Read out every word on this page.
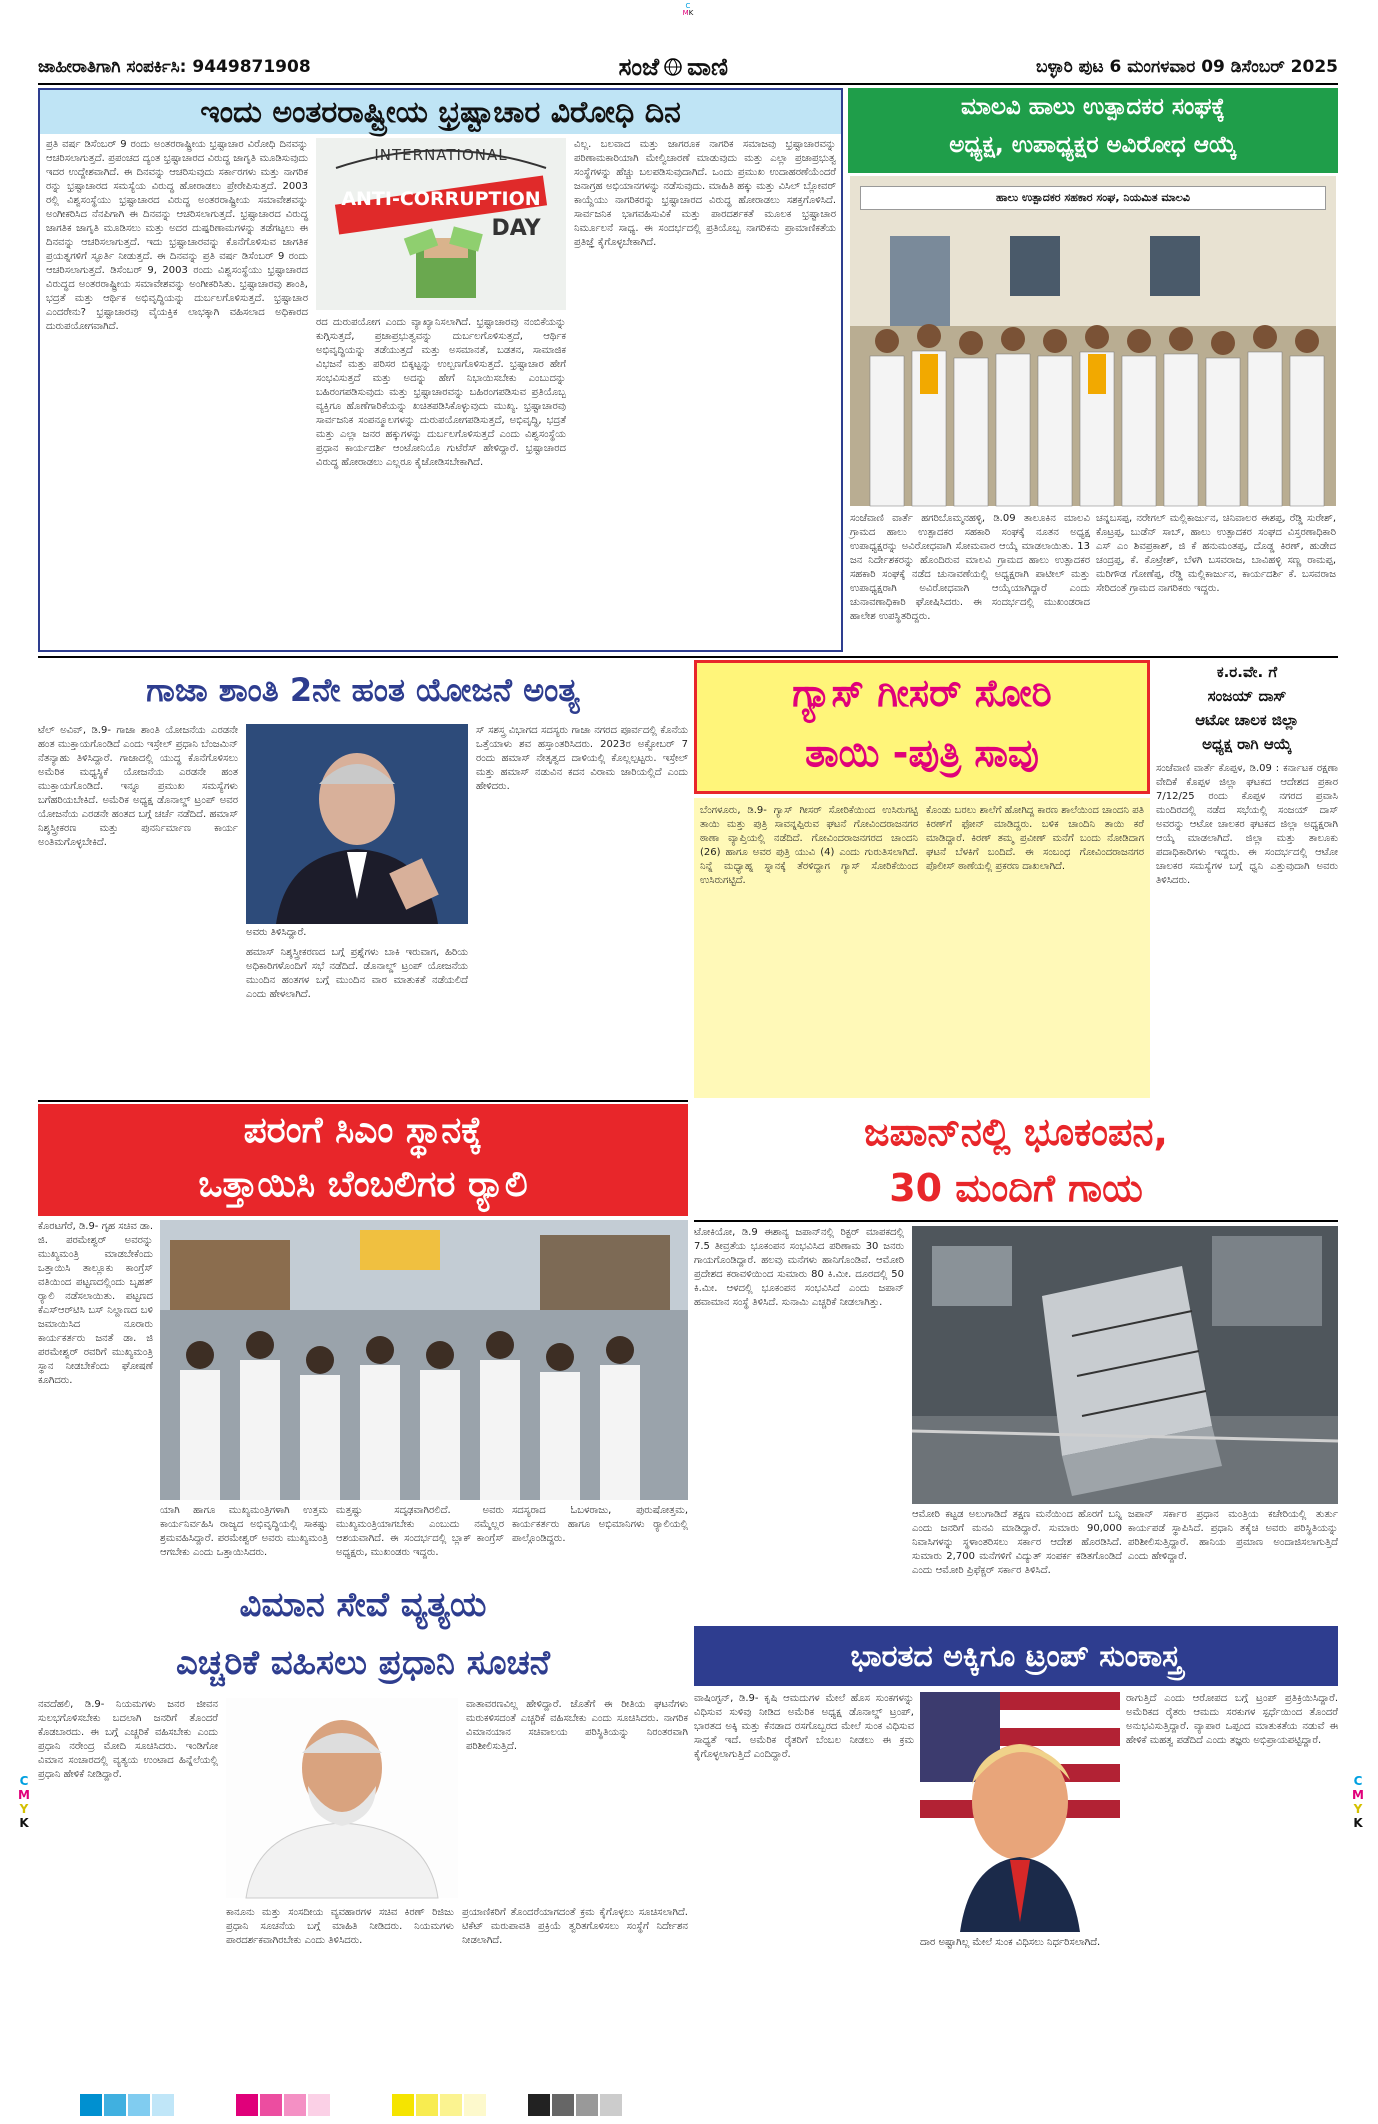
C
MK
ಜಾಹೀರಾತಿಗಾಗಿ ಸಂಪರ್ಕಿಸಿ: 9449871908	ಸಂಜೆ ವಾಣಿ	ಬಳ್ಳಾರಿ ಪುಟ 6 ಮಂಗಳವಾರ 09 ಡಿಸೆಂಬರ್ 2025
ಇಂದು ಅಂತರರಾಷ್ಟ್ರೀಯ ಭ್ರಷ್ಟಾಚಾರ ವಿರೋಧಿ ದಿನ
ಪ್ರತಿ ವರ್ಷ ಡಿಸೆಂಬರ್ 9 ರಂದು ಅಂತರರಾಷ್ಟ್ರೀಯ ಭ್ರಷ್ಟಾಚಾರ ವಿರೋಧಿ ದಿನವನ್ನು ಆಚರಿಸಲಾಗುತ್ತದೆ. ಪ್ರಪಂಚದ ದ್ಯಂತ ಭ್ರಷ್ಟಾಚಾರದ ವಿರುದ್ಧ ಜಾಗೃತಿ ಮೂಡಿಸುವುದು ಇದರ ಉದ್ದೇಶವಾಗಿದೆ. ಈ ದಿನವನ್ನು ಆಚರಿಸುವುದು ಸರ್ಕಾರಗಳು ಮತ್ತು ನಾಗರಿಕ ರನ್ನು ಭ್ರಷ್ಟಾಚಾರದ ಸಮಸ್ಯೆಯ ವಿರುದ್ಧ ಹೋರಾಡಲು ಪ್ರೇರೇಪಿಸುತ್ತದೆ. 2003 ರಲ್ಲಿ ವಿಶ್ವಸಂಸ್ಥೆಯು ಭ್ರಷ್ಟಾಚಾರದ ವಿರುದ್ಧ ಅಂತರರಾಷ್ಟ್ರೀಯ ಸಮಾವೇಶವನ್ನು ಅಂಗೀಕರಿಸಿದ ನೆನಪಿಗಾಗಿ ಈ ದಿನವನ್ನು ಆಚರಿಸಲಾಗುತ್ತದೆ. ಭ್ರಷ್ಟಾಚಾರದ ವಿರುದ್ಧ ಜಾಗತಿಕ ಜಾಗೃತಿ ಮೂಡಿಸಲು ಮತ್ತು ಅದರ ದುಷ್ಪರಿಣಾಮಗಳನ್ನು ತಡೆಗಟ್ಟಲು ಈ ದಿನವನ್ನು ಆಚರಿಸಲಾಗುತ್ತದೆ. ಇದು ಭ್ರಷ್ಟಾಚಾರವನ್ನು ಕೊನೆಗೊಳಿಸುವ ಜಾಗತಿಕ ಪ್ರಯತ್ನಗಳಿಗೆ ಸ್ಫೂರ್ತಿ ನೀಡುತ್ತದೆ. ಈ ದಿನವನ್ನು ಪ್ರತಿ ವರ್ಷ ಡಿಸೆಂಬರ್ 9 ರಂದು ಆಚರಿಸಲಾಗುತ್ತದೆ. ಡಿಸೆಂಬರ್ 9, 2003 ರಂದು ವಿಶ್ವಸಂಸ್ಥೆಯು ಭ್ರಷ್ಟಾಚಾರದ ವಿರುದ್ಧದ ಅಂತರರಾಷ್ಟ್ರೀಯ ಸಮಾವೇಶವನ್ನು ಅಂಗೀಕರಿಸಿತು. ಭ್ರಷ್ಟಾಚಾರವು ಶಾಂತಿ, ಭದ್ರತೆ ಮತ್ತು ಆರ್ಥಿಕ ಅಭಿವೃದ್ಧಿಯನ್ನು ದುರ್ಬಲಗೊಳಿಸುತ್ತದೆ. ಭ್ರಷ್ಟಾಚಾರ ಎಂದರೇನು? ಭ್ರಷ್ಟಾಚಾರವು ವೈಯಕ್ತಿಕ ಲಾಭಕ್ಕಾಗಿ ವಹಿಸಲಾದ ಅಧಿಕಾರದ ದುರುಪಯೋಗವಾಗಿದೆ.
INTERNATIONAL
ANTI-CORRUPTION
DAY
ರದ ದುರುಪಯೋಗ ಎಂದು ವ್ಯಾಖ್ಯಾನಿಸಲಾಗಿದೆ. ಭ್ರಷ್ಟಾಚಾರವು ನಂಬಿಕೆಯನ್ನು ಕುಗ್ಗಿಸುತ್ತದೆ, ಪ್ರಜಾಪ್ರಭುತ್ವವನ್ನು ದುರ್ಬಲಗೊಳಿಸುತ್ತದೆ, ಆರ್ಥಿಕ ಅಭಿವೃದ್ಧಿಯನ್ನು ತಡೆಯುತ್ತದೆ ಮತ್ತು ಅಸಮಾನತೆ, ಬಡತನ, ಸಾಮಾಜಿಕ ವಿಭಜನೆ ಮತ್ತು ಪರಿಸರ ಬಿಕ್ಕಟ್ಟನ್ನು ಉಲ್ಬಣಗೊಳಿಸುತ್ತದೆ. ಭ್ರಷ್ಟಾಚಾರ ಹೇಗೆ ಸಂಭವಿಸುತ್ತದೆ ಮತ್ತು ಅದನ್ನು ಹೇಗೆ ನಿಭಾಯಿಸಬೇಕು ಎಂಬುದನ್ನು ಬಹಿರಂಗಪಡಿಸುವುದು ಮತ್ತು ಭ್ರಷ್ಟಾಚಾರವನ್ನು ಬಹಿರಂಗಪಡಿಸುವ ಪ್ರತಿಯೊಬ್ಬ ವ್ಯಕ್ತಿಗೂ ಹೊಣೆಗಾರಿಕೆಯನ್ನು ಖಚಿತಪಡಿಸಿಕೊಳ್ಳುವುದು ಮುಖ್ಯ. ಭ್ರಷ್ಟಾಚಾರವು ಸಾರ್ವಜನಿಕ ಸಂಪನ್ಮೂಲಗಳನ್ನು ದುರುಪಯೋಗಪಡಿಸುತ್ತದೆ, ಅಭಿವೃದ್ಧಿ, ಭದ್ರತೆ ಮತ್ತು ಎಲ್ಲಾ ಜನರ ಹಕ್ಕುಗಳನ್ನು ದುರ್ಬಲಗೊಳಿಸುತ್ತದೆ ಎಂದು ವಿಶ್ವಸಂಸ್ಥೆಯ ಪ್ರಧಾನ ಕಾರ್ಯದರ್ಶಿ ಆಂಟೋನಿಯೊ ಗುಟೆರೆಸ್ ಹೇಳಿದ್ದಾರೆ. ಭ್ರಷ್ಟಾಚಾರದ ವಿರುದ್ಧ ಹೋರಾಡಲು ಎಲ್ಲರೂ ಕೈಜೋಡಿಸಬೇಕಾಗಿದೆ.
ವಿಲ್ಲ. ಬಲವಾದ ಮತ್ತು ಜಾಗರೂಕ ನಾಗರಿಕ ಸಮಾಜವು ಭ್ರಷ್ಟಾಚಾರವನ್ನು ಪರಿಣಾಮಕಾರಿಯಾಗಿ ಮೇಲ್ವಿಚಾರಣೆ ಮಾಡುವುದು ಮತ್ತು ಎಲ್ಲಾ ಪ್ರಜಾಪ್ರಭುತ್ವ ಸಂಸ್ಥೆಗಳನ್ನು ಹೆಚ್ಚು ಬಲಪಡಿಸುವುದಾಗಿದೆ. ಒಂದು ಪ್ರಮುಖ ಉದಾಹರಣೆಯೆಂದರೆ ಜನಾಗ್ರಹ ಅಭಿಯಾನಗಳನ್ನು ನಡೆಸುವುದು. ಮಾಹಿತಿ ಹಕ್ಕು ಮತ್ತು ವಿಸಿಲ್ ಬ್ಲೋವರ್ ಕಾಯ್ದೆಯು ನಾಗರಿಕರನ್ನು ಭ್ರಷ್ಟಾಚಾರದ ವಿರುದ್ಧ ಹೋರಾಡಲು ಸಶಕ್ತಗೊಳಿಸಿದೆ. ಸಾರ್ವಜನಿಕ ಭಾಗವಹಿಸುವಿಕೆ ಮತ್ತು ಪಾರದರ್ಶಕತೆ ಮೂಲಕ ಭ್ರಷ್ಟಾಚಾರ ನಿರ್ಮೂಲನೆ ಸಾಧ್ಯ. ಈ ಸಂದರ್ಭದಲ್ಲಿ ಪ್ರತಿಯೊಬ್ಬ ನಾಗರಿಕನು ಪ್ರಾಮಾಣಿಕತೆಯ ಪ್ರತಿಜ್ಞೆ ಕೈಗೊಳ್ಳಬೇಕಾಗಿದೆ.
ಮಾಲವಿ ಹಾಲು ಉತ್ಪಾದಕರ ಸಂಘಕ್ಕೆ
ಅಧ್ಯಕ್ಷ, ಉಪಾಧ್ಯಕ್ಷರ ಅವಿರೋಧ ಆಯ್ಕೆ
ಹಾಲು ಉತ್ಪಾದಕರ ಸಹಕಾರ ಸಂಘ, ನಿಯಮಿತ ಮಾಲವಿ
ಸಂಜೆವಾಣಿ ವಾರ್ತೆ ಹಗರಿಬೊಮ್ಮನಹಳ್ಳಿ, ಡಿ.09 ತಾಲೂಕಿನ ಮಾಲವಿ ಗ್ರಾಮದ ಹಾಲು ಉತ್ಪಾದಕರ ಸಹಕಾರಿ ಸಂಘಕ್ಕೆ ನೂತನ ಅಧ್ಯಕ್ಷ ಉಪಾಧ್ಯಕ್ಷರನ್ನು ಅವಿರೋಧವಾಗಿ ಸೋಮವಾರ ಆಯ್ಕೆ ಮಾಡಲಾಯಿತು. 13 ಜನ ನಿರ್ದೇಶಕರನ್ನು ಹೊಂದಿರುವ ಮಾಲವಿ ಗ್ರಾಮದ ಹಾಲು ಉತ್ಪಾದಕರ ಸಹಕಾರಿ ಸಂಘಕ್ಕೆ ನಡೆದ ಚುನಾವಣೆಯಲ್ಲಿ ಅಧ್ಯಕ್ಷರಾಗಿ ಪಾಟೀಲ್ ಮತ್ತು ಉಪಾಧ್ಯಕ್ಷರಾಗಿ ಅವಿರೋಧವಾಗಿ ಆಯ್ಕೆಯಾಗಿದ್ದಾರೆ ಎಂದು ಚುನಾವಣಾಧಿಕಾರಿ ಘೋಷಿಸಿದರು. ಈ ಸಂದರ್ಭದಲ್ಲಿ ಮುಖಂಡರಾದ ಹಾಲೇಶ ಉಪಸ್ಥಿತರಿದ್ದರು.
ಚನ್ನಬಸಪ್ಪ, ನರೇಗಲ್ ಮಲ್ಲಿಕಾರ್ಜುನ, ಚಿನಿವಾಲರ ಈಶಪ್ಪ, ರೆಡ್ಡಿ ಸುರೇಶ್, ಕೊಟ್ರಪ್ಪ, ಬುಡೆನ್ ಸಾಬ್, ಹಾಲು ಉತ್ಪಾದಕರ ಸಂಘದ ವಿಸ್ತರಣಾಧಿಕಾರಿ ಎಸ್ ಎಂ ಶಿವಪ್ರಕಾಶ್, ಜಿ ಕೆ ಹನುಮಂತಪ್ಪ, ದೊಡ್ಡ ಕಿರಣ್, ಹುಡೇದ ಚಂದ್ರಪ್ಪ, ಕೆ. ಕೊಟ್ರೇಶ್, ಬೆಳಗಿ ಬಸವರಾಜ, ಬಾವಿಹಳ್ಳಿ ಸಣ್ಣ ರಾಮಪ್ಪ, ಮರಿಗೌಡ ಗೋಣೆಪ್ಪ, ರೆಡ್ಡಿ ಮಲ್ಲಿಕಾರ್ಜುನ, ಕಾರ್ಯದರ್ಶಿ ಕೆ. ಬಸವರಾಜ ಸೇರಿದಂತೆ ಗ್ರಾಮದ ನಾಗರಿಕರು ಇದ್ದರು.
ಗಾಜಾ ಶಾಂತಿ 2ನೇ ಹಂತ ಯೋಜನೆ ಅಂತ್ಯ
ಟೆಲ್ ಅವಿವ್, ಡಿ.9- ಗಾಜಾ ಶಾಂತಿ ಯೋಜನೆಯ ಎರಡನೇ ಹಂತ ಮುಕ್ತಾಯಗೊಂಡಿದೆ ಎಂದು ಇಸ್ರೇಲ್ ಪ್ರಧಾನಿ ಬೆಂಜಮಿನ್ ನೆತನ್ಯಾಹು ತಿಳಿಸಿದ್ದಾರೆ. ಗಾಜಾದಲ್ಲಿ ಯುದ್ಧ ಕೊನೆಗೊಳಿಸಲು ಅಮೆರಿಕ ಮಧ್ಯಸ್ಥಿಕೆ ಯೋಜನೆಯ ಎರಡನೇ ಹಂತ ಮುಕ್ತಾಯಗೊಂಡಿದೆ. ಇನ್ನೂ ಪ್ರಮುಖ ಸಮಸ್ಯೆಗಳು ಬಗೆಹರಿಯಬೇಕಿದೆ. ಅಮೆರಿಕ ಅಧ್ಯಕ್ಷ ಡೊನಾಲ್ಡ್ ಟ್ರಂಪ್ ಅವರ ಯೋಜನೆಯ ಎರಡನೇ ಹಂತದ ಬಗ್ಗೆ ಚರ್ಚೆ ನಡೆದಿದೆ. ಹಮಾಸ್ ನಿಶ್ಶಸ್ತ್ರೀಕರಣ ಮತ್ತು ಪುನರ್ನಿರ್ಮಾಣ ಕಾರ್ಯ ಅಂತಿಮಗೊಳ್ಳಬೇಕಿದೆ.
ಅವರು ತಿಳಿಸಿದ್ದಾರೆ.
ಹಮಾಸ್ ನಿಶ್ಶಸ್ತ್ರೀಕರಣದ ಬಗ್ಗೆ ಪ್ರಶ್ನೆಗಳು ಬಾಕಿ ಇರುವಾಗ, ಹಿರಿಯ ಅಧಿಕಾರಿಗಳೊಂದಿಗೆ ಸಭೆ ನಡೆದಿದೆ. ಡೊನಾಲ್ಡ್ ಟ್ರಂಪ್ ಯೋಜನೆಯ ಮುಂದಿನ ಹಂತಗಳ ಬಗ್ಗೆ ಮುಂದಿನ ವಾರ ಮಾತುಕತೆ ನಡೆಯಲಿದೆ ಎಂದು ಹೇಳಲಾಗಿದೆ.
ಸ್ ಸಶಸ್ತ್ರ ವಿಭಾಗದ ಸದಸ್ಯರು ಗಾಜಾ ನಗರದ ಪೂರ್ವದಲ್ಲಿ ಕೊನೆಯ ಒತ್ತೆಯಾಳು ಶವ ಹಸ್ತಾಂತರಿಸಿದರು. 2023ರ ಅಕ್ಟೋಬರ್ 7 ರಂದು ಹಮಾಸ್ ನೇತೃತ್ವದ ದಾಳಿಯಲ್ಲಿ ಕೊಲ್ಲಲ್ಪಟ್ಟರು. ಇಸ್ರೇಲ್ ಮತ್ತು ಹಮಾಸ್ ನಡುವಿನ ಕದನ ವಿರಾಮ ಜಾರಿಯಲ್ಲಿದೆ ಎಂದು ಹೇಳಿದರು.
ಗ್ಯಾಸ್ ಗೀಸರ್ ಸೋರಿ
ತಾಯಿ -ಪುತ್ರಿ ಸಾವು
ಬೆಂಗಳೂರು, ಡಿ.9- ಗ್ಯಾಸ್ ಗೀಸರ್ ಸೋರಿಕೆಯಿಂದ ಉಸಿರುಗಟ್ಟಿ ತಾಯಿ ಮತ್ತು ಪುತ್ರಿ ಸಾವನ್ನಪ್ಪಿರುವ ಘಟನೆ ಗೋವಿಂದರಾಜನಗರ ಠಾಣಾ ವ್ಯಾಪ್ತಿಯಲ್ಲಿ ನಡೆದಿದೆ. ಗೋವಿಂದರಾಜನಗರದ ಚಾಂದನಿ (26) ಹಾಗೂ ಅವರ ಪುತ್ರಿ ಯುವಿ (4) ಎಂದು ಗುರುತಿಸಲಾಗಿದೆ. ನಿನ್ನೆ ಮಧ್ಯಾಹ್ನ ಸ್ನಾನಕ್ಕೆ ತೆರಳಿದ್ದಾಗ ಗ್ಯಾಸ್ ಸೋರಿಕೆಯಿಂದ ಉಸಿರುಗಟ್ಟಿದೆ.
ಕೊಂಡು ಬರಲು ಶಾಲೆಗೆ ಹೋಗಿದ್ದ ಕಾರಣ ಶಾಲೆಯಿಂದ ಚಾಂದನಿ ಪತಿ ಕಿರಣ್‌ಗೆ ಫೋನ್ ಮಾಡಿದ್ದರು. ಬಳಿಕ ಚಾಂದಿನಿ ತಾಯಿ ಕರೆ ಮಾಡಿದ್ದಾರೆ. ಕಿರಣ್ ತಮ್ಮ ಪ್ರವೀಣ್ ಮನೆಗೆ ಬಂದು ನೋಡಿದಾಗ ಘಟನೆ ಬೆಳಕಿಗೆ ಬಂದಿದೆ. ಈ ಸಂಬಂಧ ಗೋವಿಂದರಾಜನಗರ ಪೊಲೀಸ್ ಠಾಣೆಯಲ್ಲಿ ಪ್ರಕರಣ ದಾಖಲಾಗಿದೆ.
ಕ.ರ.ವೇ. ಗೆ
ಸಂಜಯ್ ದಾಸ್
ಆಟೋ ಚಾಲಕ ಜಿಲ್ಲಾ
ಅಧ್ಯಕ್ಷ ರಾಗಿ ಆಯ್ಕೆ
ಸಂಜೆವಾಣಿ ವಾರ್ತೆ ಕೊಪ್ಪಳ, ಡಿ.09 : ಕರ್ನಾಟಕ ರಕ್ಷಣಾ ವೇದಿಕೆ ಕೊಪ್ಪಳ ಜಿಲ್ಲಾ ಘಟಕದ ಆದೇಶದ ಪ್ರಕಾರ 7/12/25 ರಂದು ಕೊಪ್ಪಳ ನಗರದ ಪ್ರವಾಸಿ ಮಂದಿರದಲ್ಲಿ ನಡೆದ ಸಭೆಯಲ್ಲಿ ಸಂಜಯ್ ದಾಸ್ ಅವರನ್ನು ಆಟೋ ಚಾಲಕರ ಘಟಕದ ಜಿಲ್ಲಾ ಅಧ್ಯಕ್ಷರಾಗಿ ಆಯ್ಕೆ ಮಾಡಲಾಗಿದೆ. ಜಿಲ್ಲಾ ಮತ್ತು ತಾಲೂಕು ಪದಾಧಿಕಾರಿಗಳು ಇದ್ದರು. ಈ ಸಂದರ್ಭದಲ್ಲಿ ಆಟೋ ಚಾಲಕರ ಸಮಸ್ಯೆಗಳ ಬಗ್ಗೆ ಧ್ವನಿ ಎತ್ತುವುದಾಗಿ ಅವರು ತಿಳಿಸಿದರು.
ಪರಂಗೆ ಸಿಎಂ ಸ್ಥಾನಕ್ಕೆ
ಒತ್ತಾಯಿಸಿ ಬೆಂಬಲಿಗರ ರ‍್ಯಾಲಿ
ಕೊರಟಗೆರೆ, ಡಿ.9- ಗೃಹ ಸಚಿವ ಡಾ. ಜಿ. ಪರಮೇಶ್ವರ್ ಅವರನ್ನು ಮುಖ್ಯಮಂತ್ರಿ ಮಾಡಬೇಕೆಂದು ಒತ್ತಾಯಿಸಿ ತಾಲ್ಲೂಕು ಕಾಂಗ್ರೆಸ್ ವತಿಯಿಂದ ಪಟ್ಟಣದಲ್ಲಿಂದು ಬೃಹತ್ ರ‍್ಯಾಲಿ ನಡೆಸಲಾಯಿತು. ಪಟ್ಟಣದ ಕೆಎಸ್ಆರ್‌ಟಿಸಿ ಬಸ್ ನಿಲ್ದಾಣದ ಬಳಿ ಜಮಾಯಿಸಿದ ನೂರಾರು ಕಾರ್ಯಕರ್ತರು ಜನತೆ ಡಾ. ಜಿ ಪರಮೇಶ್ವರ್ ರವರಿಗೆ ಮುಖ್ಯಮಂತ್ರಿ ಸ್ಥಾನ ನೀಡಬೇಕೆಂದು ಘೋಷಣೆ ಕೂಗಿದರು.
ಯಾಗಿ ಹಾಗೂ ಮುಖ್ಯಮಂತ್ರಿಗಳಾಗಿ ಉತ್ತಮ ಕಾರ್ಯನಿರ್ವಹಿಸಿ ರಾಜ್ಯದ ಅಭಿವೃದ್ಧಿಯಲ್ಲಿ ಸಾಕಷ್ಟು ಶ್ರಮವಹಿಸಿದ್ದಾರೆ. ಪರಮೇಶ್ವರ್ ಅವರು ಮುಖ್ಯಮಂತ್ರಿ ಆಗಬೇಕು ಎಂದು ಒತ್ತಾಯಿಸಿದರು.
ಮತ್ತಷ್ಟು ಸದೃಢವಾಗಿರಲಿದೆ. ಅವರು ಮುಖ್ಯಮಂತ್ರಿಯಾಗಬೇಕು ಎಂಬುದು ನಮ್ಮೆಲ್ಲರ ಆಶಯವಾಗಿದೆ. ಈ ಸಂದರ್ಭದಲ್ಲಿ ಬ್ಲಾಕ್ ಕಾಂಗ್ರೆಸ್ ಅಧ್ಯಕ್ಷರು, ಮುಖಂಡರು ಇದ್ದರು.
ಸದಸ್ಯರಾದ ಓಬಳರಾಜು, ಪುರುಷೋತ್ತಮ, ಕಾರ್ಯಕರ್ತರು ಹಾಗೂ ಅಭಿಮಾನಿಗಳು ರ‍್ಯಾಲಿಯಲ್ಲಿ ಪಾಲ್ಗೊಂಡಿದ್ದರು.
ಜಪಾನ್‌ನಲ್ಲಿ ಭೂಕಂಪನ,
30 ಮಂದಿಗೆ ಗಾಯ
ಟೋಕಿಯೋ, ಡಿ.9 ಈಶಾನ್ಯ ಜಪಾನ್‌ನಲ್ಲಿ ರಿಕ್ಟರ್ ಮಾಪಕದಲ್ಲಿ 7.5 ತೀವ್ರತೆಯ ಭೂಕಂಪನ ಸಂಭವಿಸಿದ ಪರಿಣಾಮ 30 ಜನರು ಗಾಯಗೊಂಡಿದ್ದಾರೆ. ಹಲವು ಮನೆಗಳು ಹಾನಿಗೊಂಡಿವೆ. ಆಮೋರಿ ಪ್ರದೇಶದ ಕರಾವಳಿಯಿಂದ ಸುಮಾರು 80 ಕಿ.ಮೀ. ದೂರದಲ್ಲಿ 50 ಕಿ.ಮೀ. ಆಳದಲ್ಲಿ ಭೂಕಂಪನ ಸಂಭವಿಸಿದೆ ಎಂದು ಜಪಾನ್ ಹವಾಮಾನ ಸಂಸ್ಥೆ ತಿಳಿಸಿದೆ. ಸುನಾಮಿ ಎಚ್ಚರಿಕೆ ನೀಡಲಾಗಿತ್ತು.
ಆಮೋರಿ ಕಟ್ಟಡ ಅಲುಗಾಡಿದೆ ತಕ್ಷಣ ಮನೆಯಿಂದ ಹೊರಗೆ ಬನ್ನಿ ಎಂದು ಜನರಿಗೆ ಮನವಿ ಮಾಡಿದ್ದಾರೆ. ಸುಮಾರು 90,000 ನಿವಾಸಿಗಳನ್ನು ಸ್ಥಳಾಂತರಿಸಲು ಸರ್ಕಾರ ಆದೇಶ ಹೊರಡಿಸಿದೆ. ಸುಮಾರು 2,700 ಮನೆಗಳಿಗೆ ವಿದ್ಯುತ್ ಸಂಪರ್ಕ ಕಡಿತಗೊಂಡಿದೆ ಎಂದು ಆಮೋರಿ ಪ್ರಿಫೆಕ್ಚರ್ ಸರ್ಕಾರ ತಿಳಿಸಿದೆ.
ಜಪಾನ್ ಸರ್ಕಾರ ಪ್ರಧಾನ ಮಂತ್ರಿಯ ಕಚೇರಿಯಲ್ಲಿ ತುರ್ತು ಕಾರ್ಯಪಡೆ ಸ್ಥಾಪಿಸಿದೆ. ಪ್ರಧಾನಿ ತಕೈಚಿ ಅವರು ಪರಿಸ್ಥಿತಿಯನ್ನು ಪರಿಶೀಲಿಸುತ್ತಿದ್ದಾರೆ. ಹಾನಿಯ ಪ್ರಮಾಣ ಅಂದಾಜಿಸಲಾಗುತ್ತಿದೆ ಎಂದು ಹೇಳಿದ್ದಾರೆ.
ವಿಮಾನ ಸೇವೆ ವ್ಯತ್ಯಯ
ಎಚ್ಚರಿಕೆ ವಹಿಸಲು ಪ್ರಧಾನಿ ಸೂಚನೆ
ನವದೆಹಲಿ, ಡಿ.9- ನಿಯಮಗಳು ಜನರ ಜೀವನ ಸುಲಭಗೊಳಿಸಬೇಕು ಬದಲಾಗಿ ಜನರಿಗೆ ತೊಂದರೆ ಕೊಡಬಾರದು. ಈ ಬಗ್ಗೆ ಎಚ್ಚರಿಕೆ ವಹಿಸಬೇಕು ಎಂದು ಪ್ರಧಾನಿ ನರೇಂದ್ರ ಮೋದಿ ಸೂಚಿಸಿದರು. ಇಂಡಿಗೋ ವಿಮಾನ ಸಂಚಾರದಲ್ಲಿ ವ್ಯತ್ಯಯ ಉಂಟಾದ ಹಿನ್ನೆಲೆಯಲ್ಲಿ ಪ್ರಧಾನಿ ಹೇಳಿಕೆ ನೀಡಿದ್ದಾರೆ.
ವಾತಾವರಣವಿಲ್ಲ ಹೇಳಿದ್ದಾರೆ. ಜೊತೆಗೆ ಈ ರೀತಿಯ ಘಟನೆಗಳು ಮರುಕಳಿಸದಂತೆ ಎಚ್ಚರಿಕೆ ವಹಿಸಬೇಕು ಎಂದು ಸೂಚಿಸಿದರು. ನಾಗರಿಕ ವಿಮಾನಯಾನ ಸಚಿವಾಲಯ ಪರಿಸ್ಥಿತಿಯನ್ನು ನಿರಂತರವಾಗಿ ಪರಿಶೀಲಿಸುತ್ತಿದೆ.
ಕಾನೂನು ಮತ್ತು ಸಂಸದೀಯ ವ್ಯವಹಾರಗಳ ಸಚಿವ ಕಿರಣ್ ರಿಜಿಜು ಪ್ರಧಾನಿ ಸೂಚನೆಯ ಬಗ್ಗೆ ಮಾಹಿತಿ ನೀಡಿದರು. ನಿಯಮಗಳು ಪಾರದರ್ಶಕವಾಗಿರಬೇಕು ಎಂದು ತಿಳಿಸಿದರು.
ಪ್ರಯಾಣಿಕರಿಗೆ ತೊಂದರೆಯಾಗದಂತೆ ಕ್ರಮ ಕೈಗೊಳ್ಳಲು ಸೂಚಿಸಲಾಗಿದೆ. ಟಿಕೆಟ್ ಮರುಪಾವತಿ ಪ್ರಕ್ರಿಯೆ ತ್ವರಿತಗೊಳಿಸಲು ಸಂಸ್ಥೆಗೆ ನಿರ್ದೇಶನ ನೀಡಲಾಗಿದೆ.
ಭಾರತದ ಅಕ್ಕಿಗೂ ಟ್ರಂಪ್ ಸುಂಕಾಸ್ತ್ರ
ವಾಷಿಂಗ್ಟನ್, ಡಿ.9- ಕೃಷಿ ಆಮದುಗಳ ಮೇಲೆ ಹೊಸ ಸುಂಕಗಳನ್ನು ವಿಧಿಸುವ ಸುಳಿವು ನೀಡಿದ ಅಮೆರಿಕ ಅಧ್ಯಕ್ಷ ಡೊನಾಲ್ಡ್ ಟ್ರಂಪ್, ಭಾರತದ ಅಕ್ಕಿ ಮತ್ತು ಕೆನಡಾದ ರಸಗೊಬ್ಬರದ ಮೇಲೆ ಸುಂಕ ವಿಧಿಸುವ ಸಾಧ್ಯತೆ ಇದೆ. ಅಮೆರಿಕ ರೈತರಿಗೆ ಬೆಂಬಲ ನೀಡಲು ಈ ಕ್ರಮ ಕೈಗೊಳ್ಳಲಾಗುತ್ತಿದೆ ಎಂದಿದ್ದಾರೆ.
ದಾರ ಅಷ್ಟಾಗಿಲ್ಲ ಮೇಲೆ ಸುಂಕ ವಿಧಿಸಲು ನಿರ್ಧರಿಸಲಾಗಿದೆ.
ರಾಗುತ್ತಿದೆ ಎಂದು ಆರೋಪದ ಬಗ್ಗೆ ಟ್ರಂಪ್ ಪ್ರತಿಕ್ರಿಯಿಸಿದ್ದಾರೆ. ಅಮೆರಿಕದ ರೈತರು ಆಮದು ಸರಕುಗಳ ಸ್ಪರ್ಧೆಯಿಂದ ತೊಂದರೆ ಅನುಭವಿಸುತ್ತಿದ್ದಾರೆ. ವ್ಯಾಪಾರ ಒಪ್ಪಂದ ಮಾತುಕತೆಯ ನಡುವೆ ಈ ಹೇಳಿಕೆ ಮಹತ್ವ ಪಡೆದಿದೆ ಎಂದು ತಜ್ಞರು ಅಭಿಪ್ರಾಯಪಟ್ಟಿದ್ದಾರೆ.
C
M
Y
K
C
M
Y
K
